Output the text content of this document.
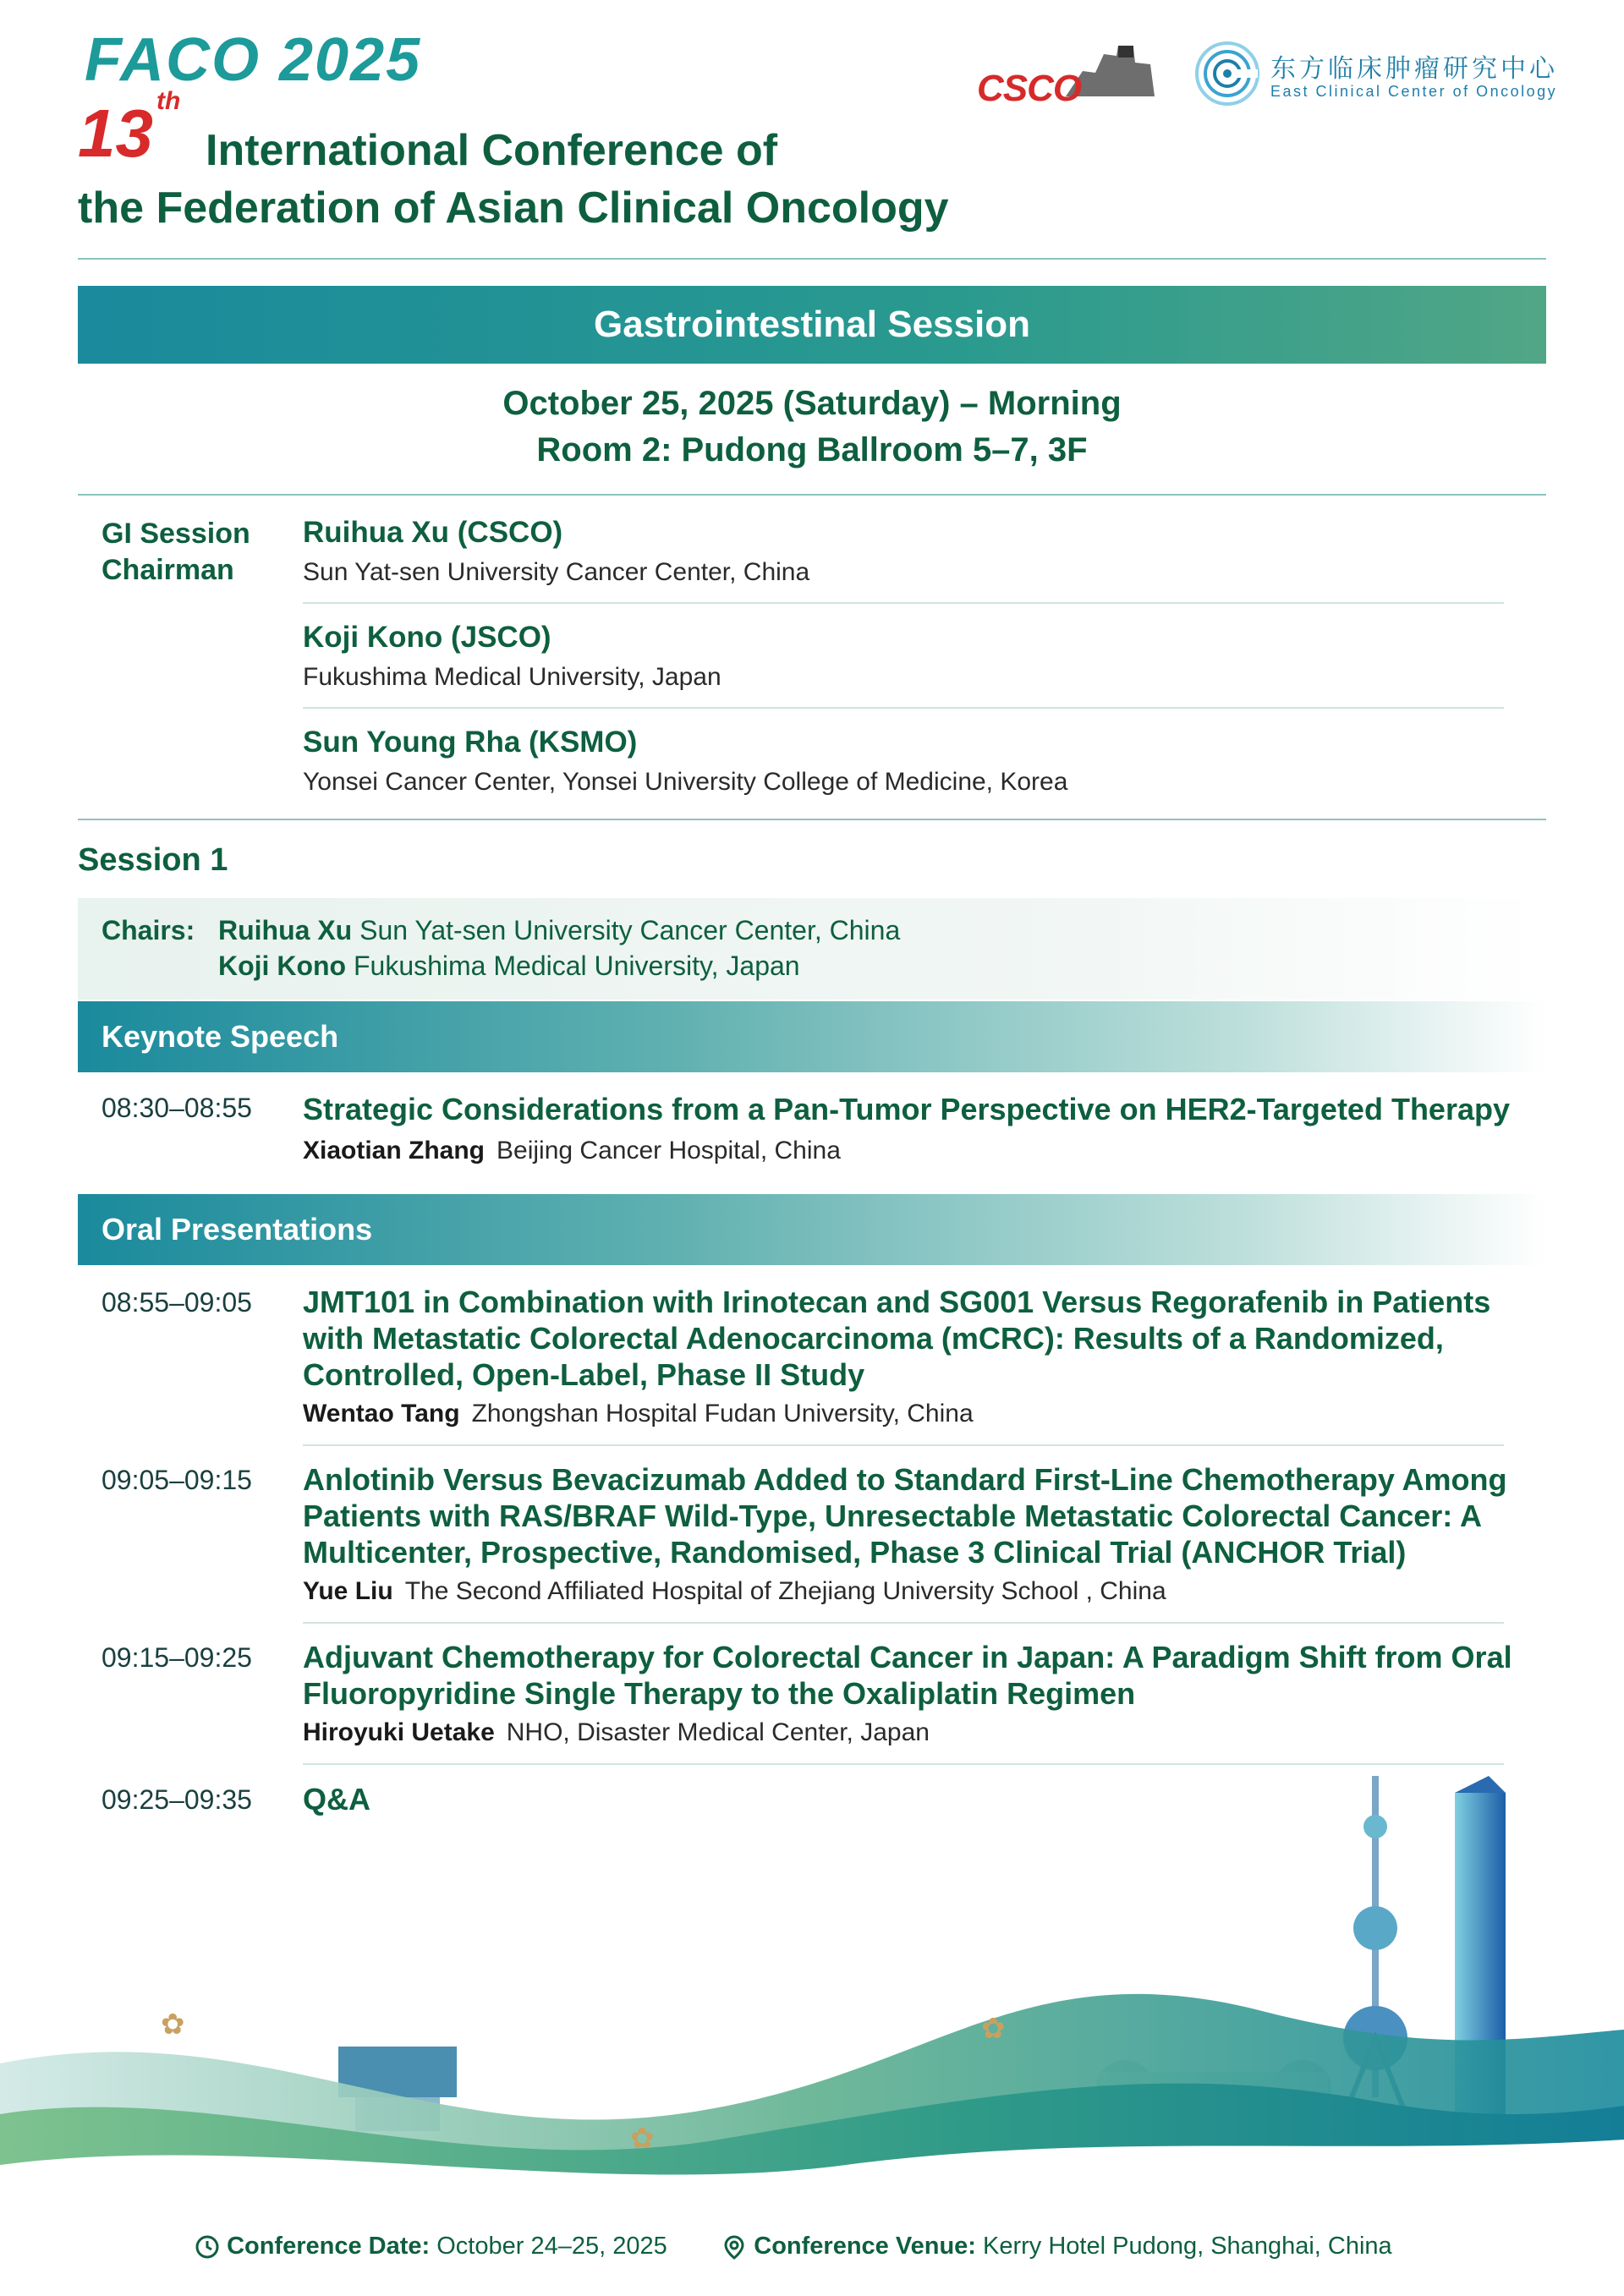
FACO 2025
13 $^{th}$
International Conference of
the Federation of Asian Clinical Oncology
CSCO	东方临床肿瘤研究中心
East Clinical Center of Oncology
Gastrointestinal Session
October 25, 2025 (Saturday) – Morning
Room 2: Pudong Ballroom 5–7, 3F
GI Session
Chairman
Ruihua Xu (CSCO)
Sun Yat-sen University Cancer Center, China
Koji Kono (JSCO)
Fukushima Medical University, Japan
Sun Young Rha (KSMO)
Yonsei Cancer Center, Yonsei University College of Medicine, Korea
Session 1
Chairs: Ruihua Xu Sun Yat-sen University Cancer Center, China
Koji Kono Fukushima Medical University, Japan
Keynote Speech
08:30–08:55 Strategic Considerations from a Pan-Tumor Perspective on HER2-Targeted Therapy
Xiaotian Zhang Beijing Cancer Hospital, China
Oral Presentations
08:55–09:05 JMT101 in Combination with Irinotecan and SG001 Versus Regorafenib in Patients
with Metastatic Colorectal Adenocarcinoma (mCRC): Results of a Randomized,
Controlled, Open-Label, Phase II Study
Wentao Tang Zhongshan Hospital Fudan University, China
09:05–09:15 Anlotinib Versus Bevacizumab Added to Standard First-Line Chemotherapy Among
Patients with RAS/BRAF Wild-Type, Unresectable Metastatic Colorectal Cancer: A
Multicenter, Prospective, Randomised, Phase 3 Clinical Trial (ANCHOR Trial)
Yue Liu The Second Affiliated Hospital of Zhejiang University School , China
09:15–09:25 Adjuvant Chemotherapy for Colorectal Cancer in Japan: A Paradigm Shift from Oral
Fluoropyridine Single Therapy to the Oxaliplatin Regimen
Hiroyuki Uetake NHO, Disaster Medical Center, Japan
09:25–09:35 Q&A
✿	✿
✿
Conference Date: October 24–25, 2025	Conference Venue: Kerry Hotel Pudong, Shanghai, China
